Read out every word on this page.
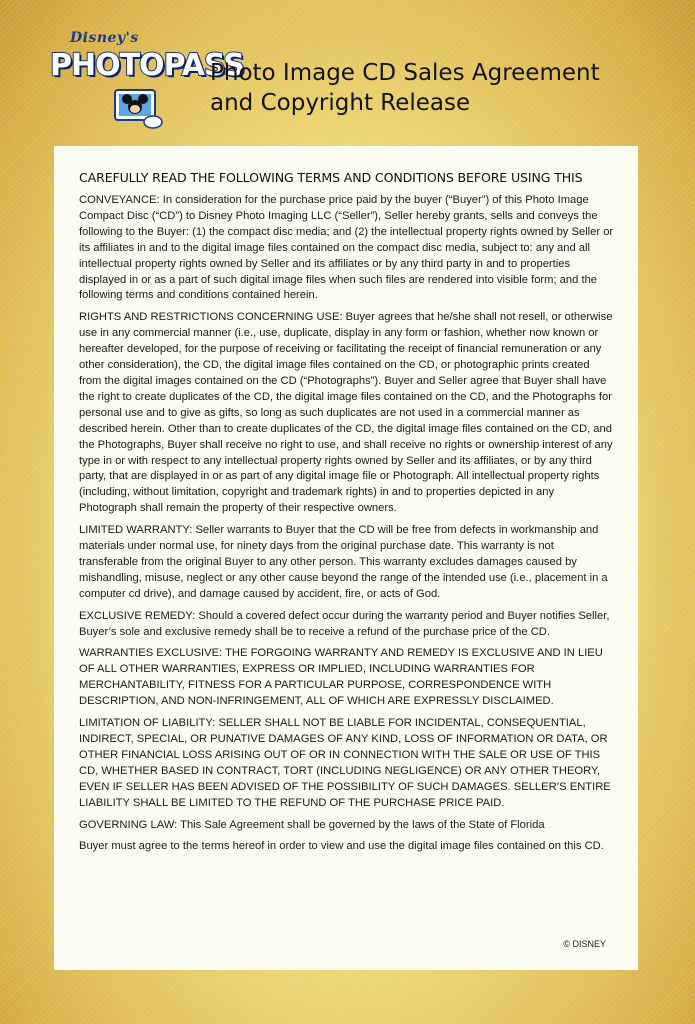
Disney's
PHOTOPASS
Photo Image CD Sales Agreement
and Copyright Release
CAREFULLY READ THE FOLLOWING TERMS AND CONDITIONS BEFORE USING THIS

CONVEYANCE: In consideration for the purchase price paid by the buyer (“Buyer”) of this Photo Image Compact Disc (“CD”) to Disney Photo Imaging LLC (“Seller”), Seller hereby grants, sells and conveys the following to the Buyer: (1) the compact disc media; and (2) the intellectual property rights owned by Seller or its affiliates in and to the digital image files contained on the compact disc media, subject to: any and all intellectual property rights owned by Seller and its affiliates or by any third party in and to properties displayed in or as a part of such digital image files when such files are rendered into visible form; and the following terms and conditions contained herein.

RIGHTS AND RESTRICTIONS CONCERNING USE: Buyer agrees that he/she shall not resell, or otherwise use in any commercial manner (i.e., use, duplicate, display in any form or fashion, whether now known or hereafter developed, for the purpose of receiving or facilitating the receipt of financial remuneration or any other consideration), the CD, the digital image files contained on the CD, or photographic prints created from the digital images contained on the CD (“Photographs”). Buyer and Seller agree that Buyer shall have the right to create duplicates of the CD, the digital image files contained on the CD, and the Photographs for personal use and to give as gifts, so long as such duplicates are not used in a commercial manner as described herein. Other than to create duplicates of the CD, the digital image files contained on the CD, and the Photographs, Buyer shall receive no right to use, and shall receive no rights or ownership interest of any type in or with respect to any intellectual property rights owned by Seller and its affiliates, or by any third party, that are displayed in or as part of any digital image file or Photograph. All intellectual property rights (including, without limitation, copyright and trademark rights) in and to properties depicted in any Photograph shall remain the property of their respective owners.

LIMITED WARRANTY: Seller warrants to Buyer that the CD will be free from defects in workmanship and materials under normal use, for ninety days from the original purchase date. This warranty is not transferable from the original Buyer to any other person. This warranty excludes damages caused by mishandling, misuse, neglect or any other cause beyond the range of the intended use (i.e., placement in a computer cd drive), and damage caused by accident, fire, or acts of God.

EXCLUSIVE REMEDY: Should a covered defect occur during the warranty period and Buyer notifies Seller, Buyer’s sole and exclusive remedy shall be to receive a refund of the purchase price of the CD.

WARRANTIES EXCLUSIVE: THE FORGOING WARRANTY AND REMEDY IS EXCLUSIVE AND IN LIEU OF ALL OTHER WARRANTIES, EXPRESS OR IMPLIED, INCLUDING WARRANTIES FOR MERCHANTABILITY, FITNESS FOR A PARTICULAR PURPOSE, CORRESPONDENCE WITH DESCRIPTION, AND NON-INFRINGEMENT, ALL OF WHICH ARE EXPRESSLY DISCLAIMED.

LIMITATION OF LIABILITY: SELLER SHALL NOT BE LIABLE FOR INCIDENTAL, CONSEQUENTIAL, INDIRECT, SPECIAL, OR PUNATIVE DAMAGES OF ANY KIND, LOSS OF INFORMATION OR DATA, OR OTHER FINANCIAL LOSS ARISING OUT OF OR IN CONNECTION WITH THE SALE OR USE OF THIS CD, WHETHER BASED IN CONTRACT, TORT (INCLUDING NEGLIGENCE) OR ANY OTHER THEORY, EVEN IF SELLER HAS BEEN ADVISED OF THE POSSIBILITY OF SUCH DAMAGES. SELLER’S ENTIRE LIABILITY SHALL BE LIMITED TO THE REFUND OF THE PURCHASE PRICE PAID.

GOVERNING LAW: This Sale Agreement shall be governed by the laws of the State of Florida

Buyer must agree to the terms hereof in order to view and use the digital image files contained on this CD.

© DISNEY
